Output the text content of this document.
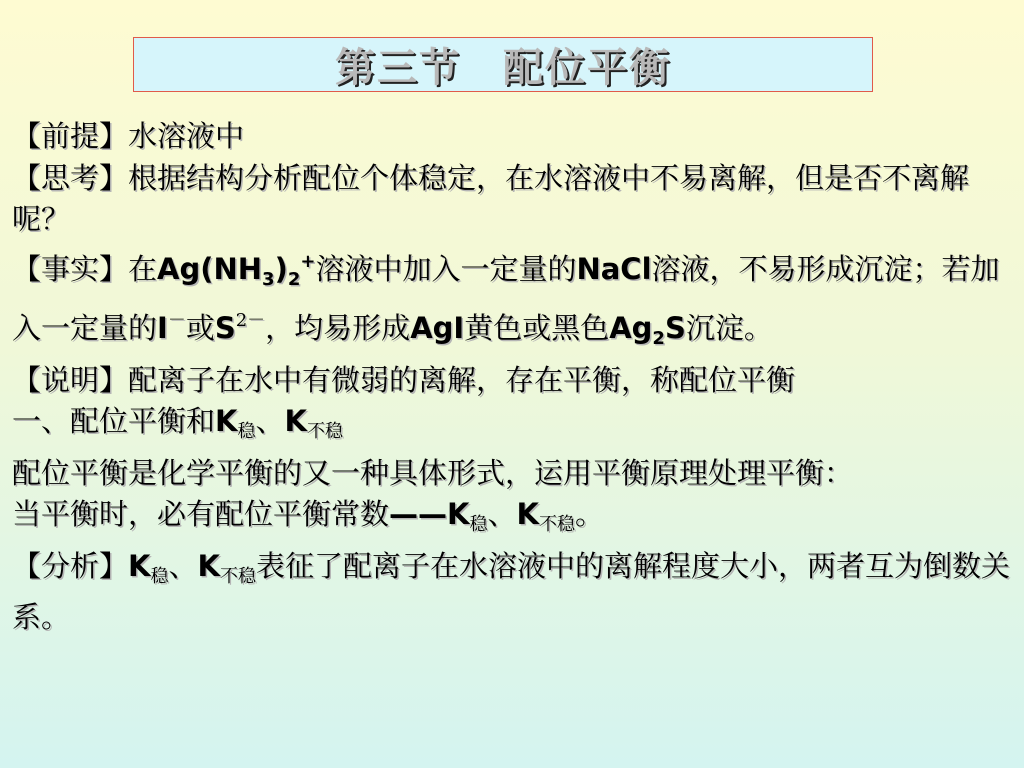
第三节　配位平衡

【前提】水溶液中

【思考】根据结构分析配位个体稳定，在水溶液中不易离解，但是否不离解呢？

【事实】在$Ag(NH_3)_2^+$溶液中加入一定量的NaCl溶液，不易形成沉淀；若加入一定量的I－或$S^{2-}$，均易形成AgI黄色或黑色$Ag_2S$沉淀。

【说明】配离子在水中有微弱的离解，存在平衡，称配位平衡

一、配位平衡和$K_稳$、$K_{不稳}$

配位平衡是化学平衡的又一种具体形式，运用平衡原理处理平衡：

当平衡时，必有配位平衡常数$——K_稳$、$K_{不稳}$。

【分析】$K_稳$、$K_{不稳}$表征了配离子在水溶液中的离解程度大小，两者互为倒数关系。
